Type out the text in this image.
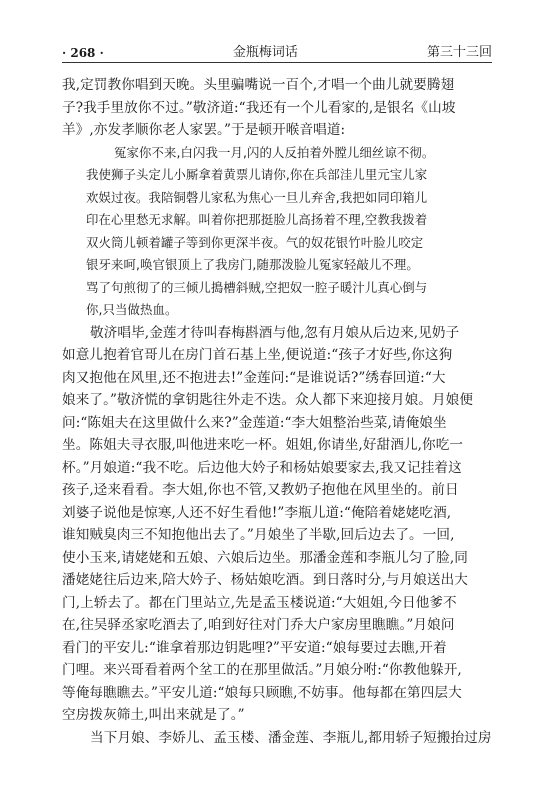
· 268 ·	金瓶梅词话	第三十三回
我,定罚教你唱到天晚。头里骗嘴说一百个,才唱一个曲儿就要腾翅
子?我手里放你不过。”敬济道:“我还有一个儿看家的,是银名《山坡
羊》,亦发孝顺你老人家罢。”于是顿开喉音唱道:
冤家你不来,白闪我一月,闪的人反拍着外膛儿细丝谅不彻。
我使狮子头定儿小厮拿着黄票儿请你,你在兵部洼儿里元宝儿家
欢娱过夜。我陪铜磬儿家私为焦心一旦儿弃舍,我把如同印箱儿
印在心里愁无求解。叫着你把那挺脸儿高扬着不理,空教我拨着
双火筒儿顿着罐子等到你更深半夜。气的奴花银竹叶脸儿咬定
银牙来呵,唤官银顶上了我房门,随那泼脸儿冤家轻敲儿不理。
骂了句煎彻了的三倾儿搗槽斜贼,空把奴一腔子暖汁儿真心倒与
你,只当做热血。
敬济唱毕,金莲才待叫春梅斟酒与他,忽有月娘从后边来,见奶子
如意儿抱着官哥儿在房门首石基上坐,便说道:“孩子才好些,你这狗
肉又抱他在风里,还不抱进去!”金莲问:“是谁说话?”绣春回道:“大
娘来了。”敬济慌的拿钥匙往外走不迭。众人都下来迎接月娘。月娘便
问:“陈姐夫在这里做什么来?”金莲道:“李大姐整治些菜,请俺娘坐
坐。陈姐夫寻衣服,叫他进来吃一杯。姐姐,你请坐,好甜酒儿,你吃一
杯。”月娘道:“我不吃。后边他大妗子和杨姑娘要家去,我又记挂着这
孩子,迳来看看。李大姐,你也不管,又教奶子抱他在风里坐的。前日
刘婆子说他是惊寒,人还不好生看他!”李瓶儿道:“俺陪着姥姥吃酒,
谁知贼臭肉三不知抱他出去了。”月娘坐了半歇,回后边去了。一回,
使小玉来,请姥姥和五娘、六娘后边坐。那潘金莲和李瓶儿匀了脸,同
潘姥姥往后边来,陪大妗子、杨姑娘吃酒。到日落时分,与月娘送出大
门,上轿去了。都在门里站立,先是孟玉楼说道:“大姐姐,今日他爹不
在,往吴驿丞家吃酒去了,咱到好往对门乔大户家房里瞧瞧。”月娘问
看门的平安儿:“谁拿着那边钥匙哩?”平安道:“娘每要过去瞧,开着
门哩。来兴哥看着两个坌工的在那里做活。”月娘分咐:“你教他躲开,
等俺每瞧瞧去。”平安儿道:“娘每只顾瞧,不妨事。他每都在第四层大
空房拨灰筛土,叫出来就是了。”
当下月娘、李娇儿、孟玉楼、潘金莲、李瓶儿,都用轿子短搬抬过房
